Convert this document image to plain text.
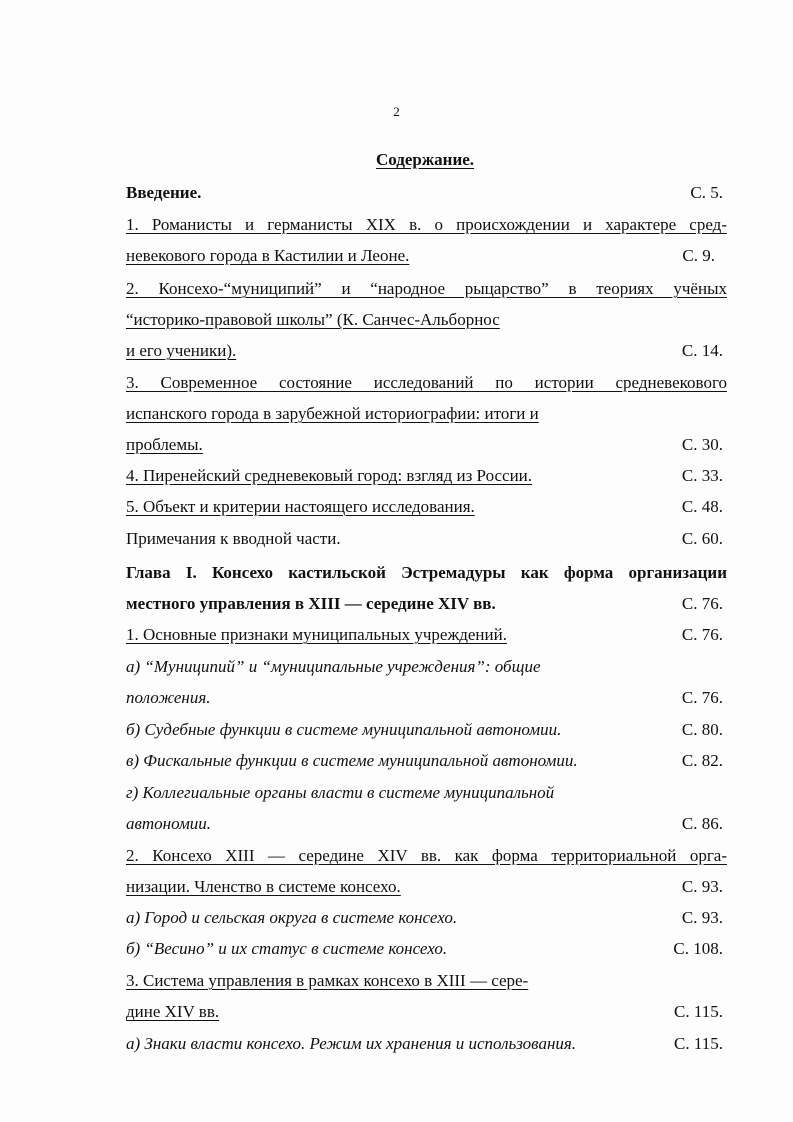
2
Содержание.
Введение.	С. 5.
1. Романисты и германисты XIX в. о происхождении и характере сред-
невекового города в Кастилии и Леоне.	С. 9.
2. Консехо-“муниципий” и “народное рыцарство” в теориях учёных
“историко-правовой школы” (К. Санчес-Альборнос
и его ученики).	С. 14.
3. Современное состояние исследований по истории средневекового
испанского города в зарубежной историографии: итоги и
проблемы.	С. 30.
4. Пиренейский средневековый город: взгляд из России.	С. 33.
5. Объект и критерии настоящего исследования.	С. 48.
Примечания к вводной части.	С. 60.
Глава I. Консехо кастильской Эстремадуры как форма организации
местного управления в XIII — середине XIV вв.	С. 76.
1. Основные признаки муниципальных учреждений.	С. 76.
а) “Муниципий” и “муниципальные учреждения”: общие
положения.	С. 76.
б) Судебные функции в системе муниципальной автономии.	С. 80.
в) Фискальные функции в системе муниципальной автономии.	С. 82.
г) Коллегиальные органы власти в системе муниципальной
автономии.	С. 86.
2. Консехо XIII — середине XIV вв. как форма территориальной орга-
низации. Членство в системе консехо.	С. 93.
а) Город и сельская округа в системе консехо.	С. 93.
б) “Весино” и их статус в системе консехо.	С. 108.
3. Система управления в рамках консехо в XIII — сере-
дине XIV вв.	С. 115.
а) Знаки власти консехо. Режим их хранения и использования.	С. 115.
